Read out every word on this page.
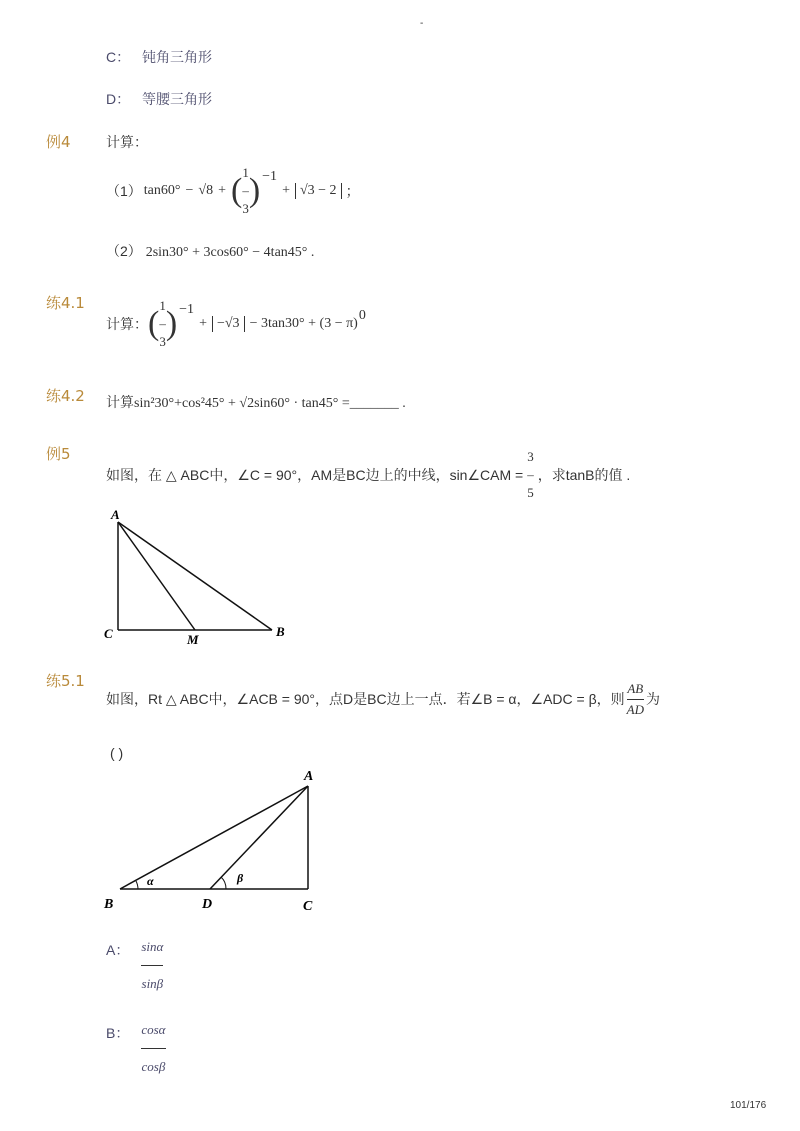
-
C： 钝角三角形
D： 等腰三角形
例4	计算：
（1） tan60° − √8 + ( 1
–
3 ) −1
+ √3 − 2 ；
（2） 2sin30° + 3cos60° − 4tan45° .
练4.1
计算： ( 1
–
3 ) −1
+ −√3 − 3tan30° + (3 − π)
0
练4.2 计算sin²30°+cos²45° + √2sin60° · tan45° =_______ .
例5
如图，在 △ ABC中，∠C = 90°，AM是BC边上的中线，sin∠CAM =
3
–
5
，求tanB的值 .
A
C	M
B
练5.1
如图，Rt △ ABC中，∠ACB = 90°，点D是BC边上一点．若∠B = α，∠ADC = β，则 $\frac{AB}{AD}$ 为
( )
A
B	D	C
α	β
A： $\frac{\sin\alpha}{\sin\beta}$
B： $\frac{\cos\alpha}{\cos\beta}$
101/176
